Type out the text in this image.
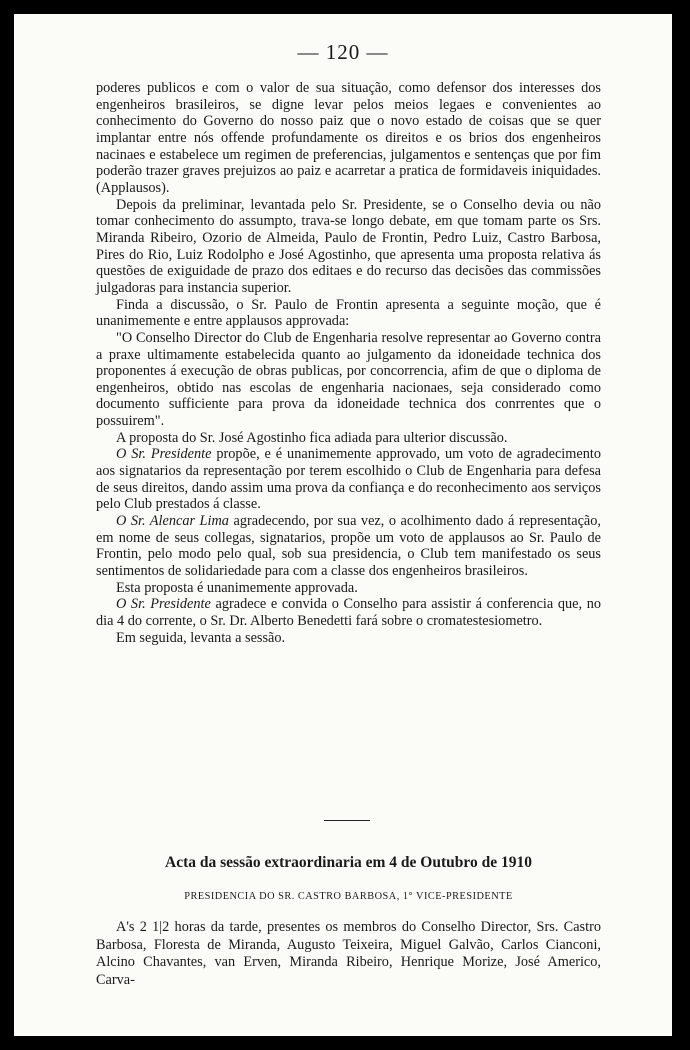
— 120 —

poderes publicos e com o valor de sua situação, como defensor dos interesses dos engenheiros brasileiros, se digne levar pelos meios legaes e convenientes ao conhecimento do Governo do nosso paiz que o novo estado de coisas que se quer implantar entre nós offende profundamente os direitos e os brios dos engenheiros nacinaes e estabelece um regimen de preferencias, julgamentos e sentenças que por fim poderão trazer graves prejuizos ao paiz e acarretar a pratica de formidaveis iniquidades. (Applausos).

Depois da preliminar, levantada pelo Sr. Presidente, se o Conselho devia ou não tomar conhecimento do assumpto, trava-se longo debate, em que tomam parte os Srs. Miranda Ribeiro, Ozorio de Almeida, Paulo de Frontin, Pedro Luiz, Castro Barbosa, Pires do Rio, Luiz Rodolpho e José Agostinho, que apresenta uma proposta relativa ás questões de exiguidade de prazo dos editaes e do recurso das decisões das commissões julgadoras para instancia superior.

Finda a discussão, o Sr. Paulo de Frontin apresenta a seguinte moção, que é unanimemente e entre applausos approvada:

"O Conselho Director do Club de Engenharia resolve representar ao Governo contra a praxe ultimamente estabelecida quanto ao julgamento da idoneidade technica dos proponentes á execução de obras publicas, por concorrencia, afim de que o diploma de engenheiros, obtido nas escolas de engenharia nacionaes, seja considerado como documento sufficiente para prova da idoneidade technica dos conrrentes que o possuirem".

A proposta do Sr. José Agostinho fica adiada para ulterior discussão.

O Sr. Presidente propõe, e é unanimemente approvado, um voto de agradecimento aos signatarios da representação por terem escolhido o Club de Engenharia para defesa de seus direitos, dando assim uma prova da confiança e do reconhecimento aos serviços pelo Club prestados á classe.

O Sr. Alencar Lima agradecendo, por sua vez, o acolhimento dado á representação, em nome de seus collegas, signatarios, propõe um voto de applausos ao Sr. Paulo de Frontin, pelo modo pelo qual, sob sua presidencia, o Club tem manifestado os seus sentimentos de solidariedade para com a classe dos engenheiros brasileiros.

Esta proposta é unanimemente approvada.

O Sr. Presidente agradece e convida o Conselho para assistir á conferencia que, no dia 4 do corrente, o Sr. Dr. Alberto Benedetti fará sobre o cromatestesiometro.

Em seguida, levanta a sessão.

Acta da sessão extraordinaria em 4 de Outubro de 1910
PRESIDENCIA DO SR. CASTRO BARBOSA, 1° VICE-PRESIDENTE

A's 2 1|2 horas da tarde, presentes os membros do Conselho Director, Srs. Castro Barbosa, Floresta de Miranda, Augusto Teixeira, Miguel Galvão, Carlos Cianconi, Alcino Chavantes, van Erven, Miranda Ribeiro, Henrique Morize, José Americo, Carva-
